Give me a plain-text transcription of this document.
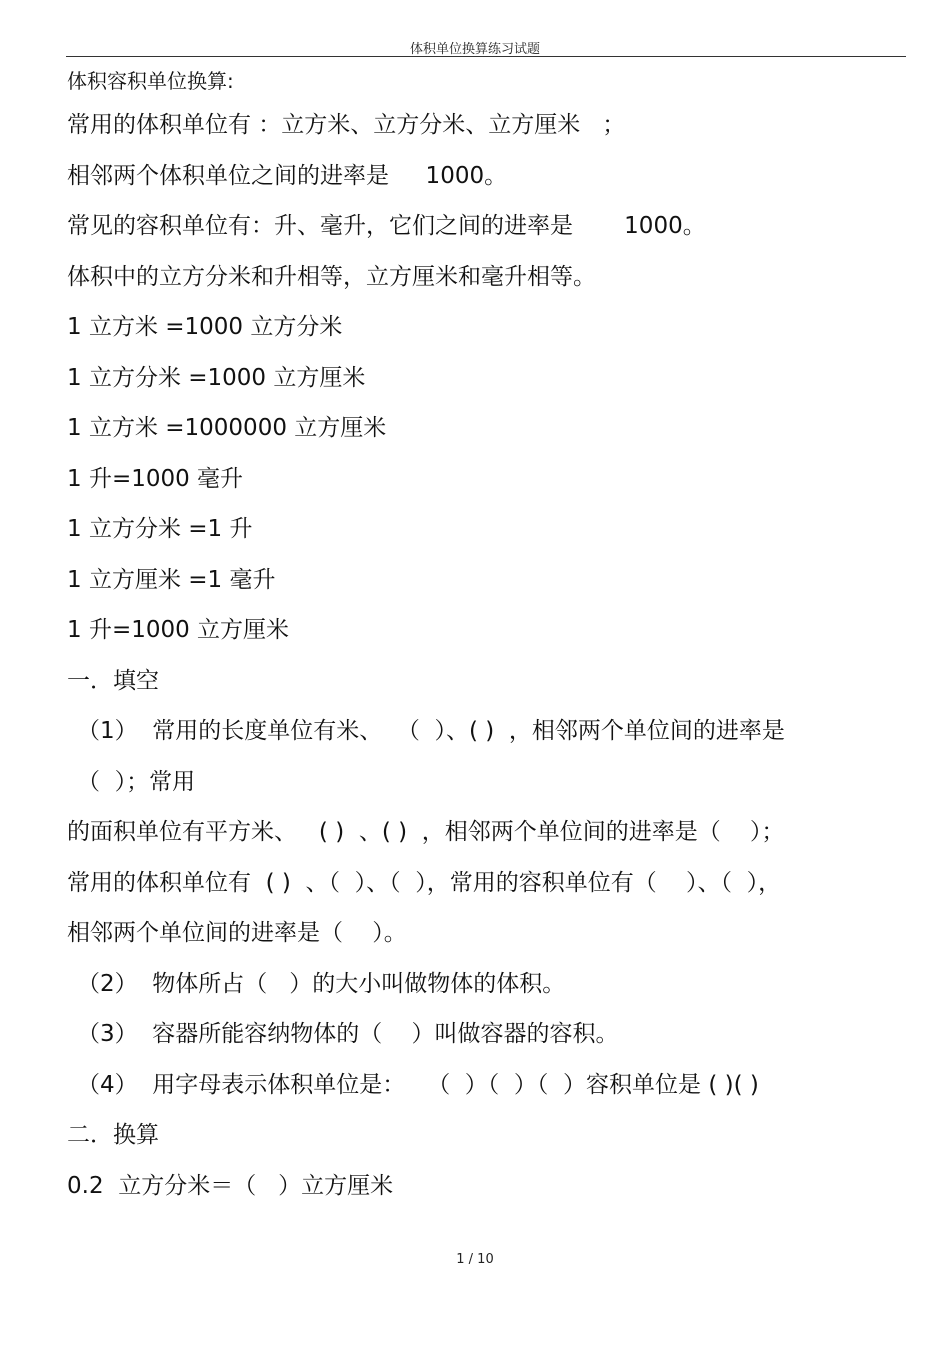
体积单位换算练习试题
体积容积单位换算:
常用的体积单位有 ：立方米、立方分米、立方厘米   ；
相邻两个体积单位之间的进率是     1000。
常见的容积单位有：升、毫升，它们之间的进率是       1000。
体积中的立方分米和升相等，立方厘米和毫升相等。
1 立方米 =1000 立方分米
1 立方分米 =1000 立方厘米
1 立方米 =1000000 立方厘米
1 升=1000 毫升
1 立方分米 =1 升
1 立方厘米 =1 毫升
1 升=1000 立方厘米
一．填空
（1）  常用的长度单位有米、  （  ）、( )  ，相邻两个单位间的进率是
（  ）；常用
的面积单位有平方米、   ( )  、( )  ，相邻两个单位间的进率是（    ）；
常用的体积单位有  ( )  、（  ）、（  ），常用的容积单位有（    ）、（  ），
相邻两个单位间的进率是（    ）。
（2）  物体所占（   ）的大小叫做物体的体积。
（3）  容器所能容纳物体的（    ）叫做容器的容积。
（4）  用字母表示体积单位是：   （  ）（  ）（  ）容积单位是 ( )( )
二．换算
0.2  立方分米＝（   ）立方厘米
1 / 10
